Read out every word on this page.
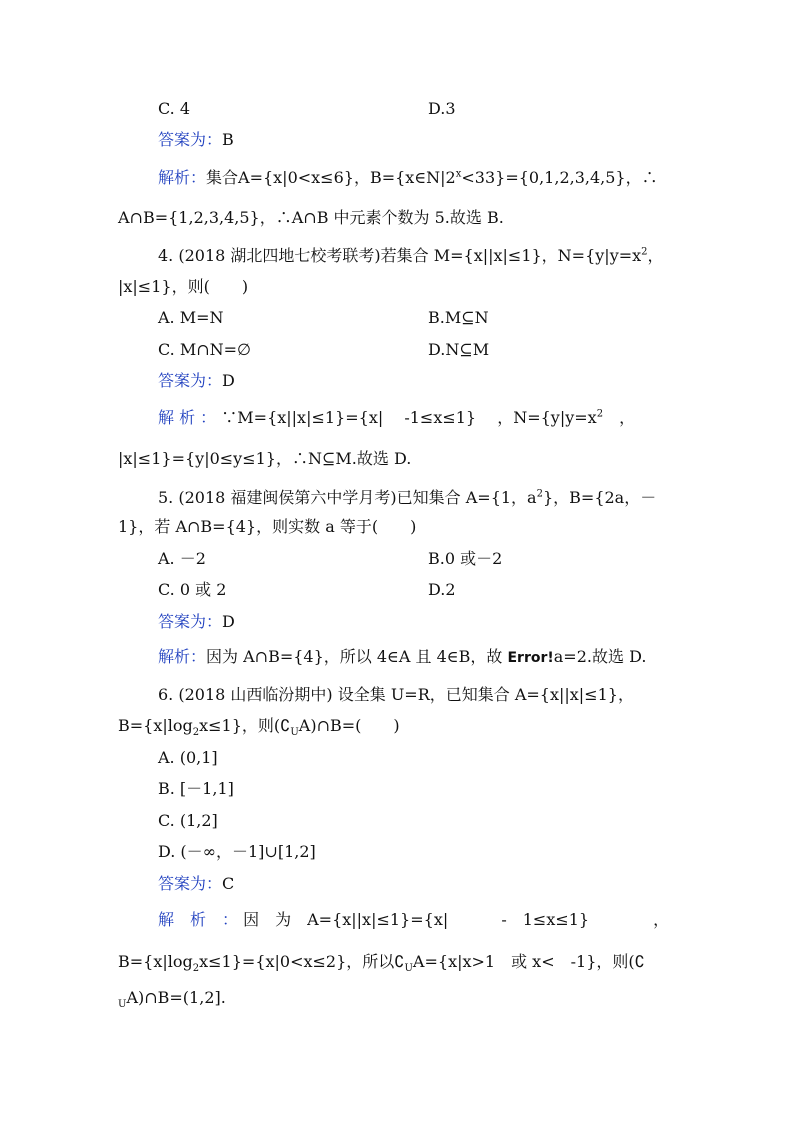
C. 4	D.3
答案为：B
解析：集合A={x|0<x≤6}，$B=\{x\in N|2^x<33\}=\{0,1,2,3,4,5\}$，∴
A∩B={1,2,3,4,5}，∴A∩B 中元素个数为 5.故选 B.
4. (2018 湖北四地七校考联考)若集合 M={x||x|≤1}，$N=\{y|y=x^2$，
|x|≤1}，则(　　)
A. M=N	B.M⊆N
C. M∩N=∅	D.N⊆M
答案为：D
解 析 ： ∵M={x||x|≤1}={x|　 -1≤x≤1}　 ，$N=\{y|y=x^2$　，
|x|≤1}={y|0≤y≤1}，∴N⊆M.故选 D.
5. (2018 福建闽侯第六中学月考)已知集合 A={1，$a^2$}，B={2a，－
1}，若 A∩B={4}，则实数 a 等于(　　)
A. －2	B.0 或－2
C. 0 或 2	D.2
答案为：D
解析：因为 A∩B={4}，所以 4∈A 且 4∈B，故 Error!a=2.故选 D.
6. (2018 山西临汾期中) 设全集 U=R，已知集合 A={x||x|≤1}，
$B=\{x|\log_2x\le 1\}$，则$(∁_UA)\cap B=$(　　)
A. (0,1]
B. [－1,1]
C. (1,2]
D. (－∞，－1]∪[1,2]
答案为：C
解　析　： 因　为　A={x||x|≤1}={x|　　　 -　1≤x≤1}　　　　，
$B=\{x|\log_2x\le 1\}=\{x|0<x\le 2\}$，所以$∁_UA=\{x|x>1$　或 x<　-1}，则(∁
$_U$A)∩B=(1,2].
